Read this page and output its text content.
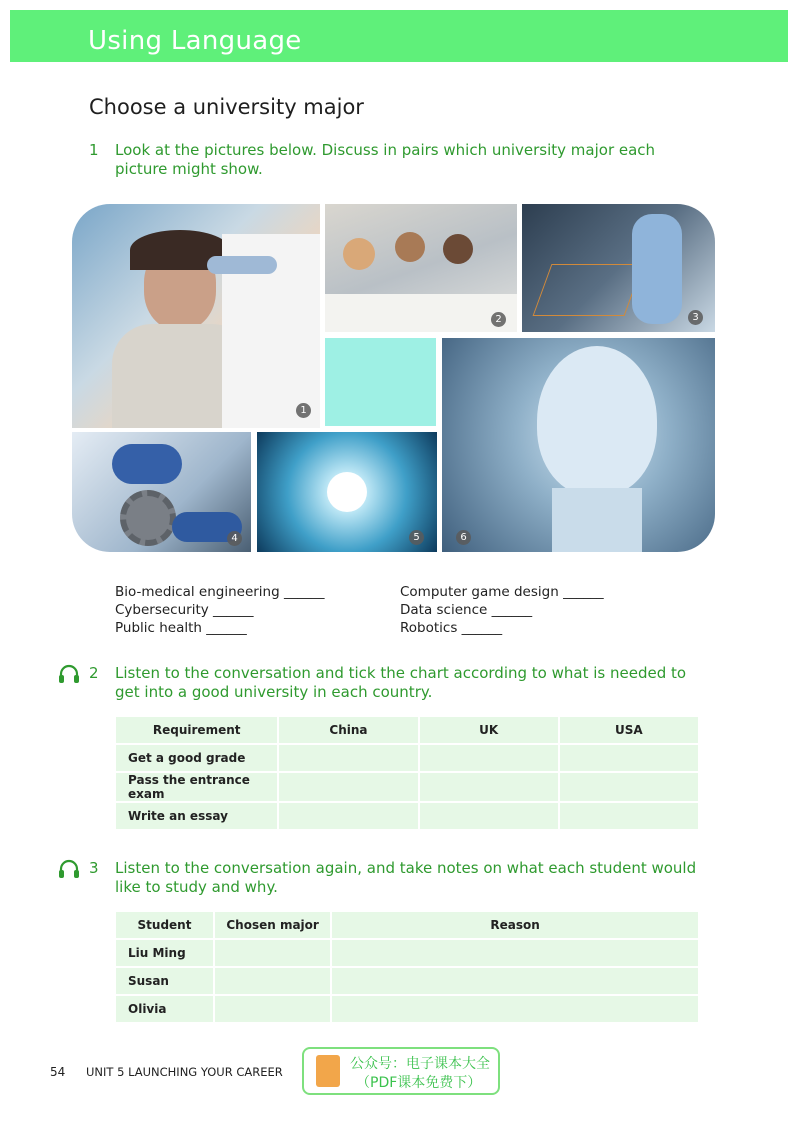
Using Language
Choose a university major
1 Look at the pictures below. Discuss in pairs which university major each picture might show.
1
2	3
6
4	5
Bio-medical engineering ______
Cybersecurity ______
Public health ______
Computer game design ______
Data science ______
Robotics ______
2 Listen to the conversation and tick the chart according to what is needed to get into a good university in each country.
Requirement	China	UK	USA
Get a good grade			
Pass the entrance exam			
Write an essay			
3 Listen to the conversation again, and take notes on what each student would like to study and why.
Student	Chosen major	Reason
Liu Ming		
Susan		
Olivia		
54 UNIT 5 LAUNCHING YOUR CAREER	公众号：电子课本大全
（PDF课本免费下）
